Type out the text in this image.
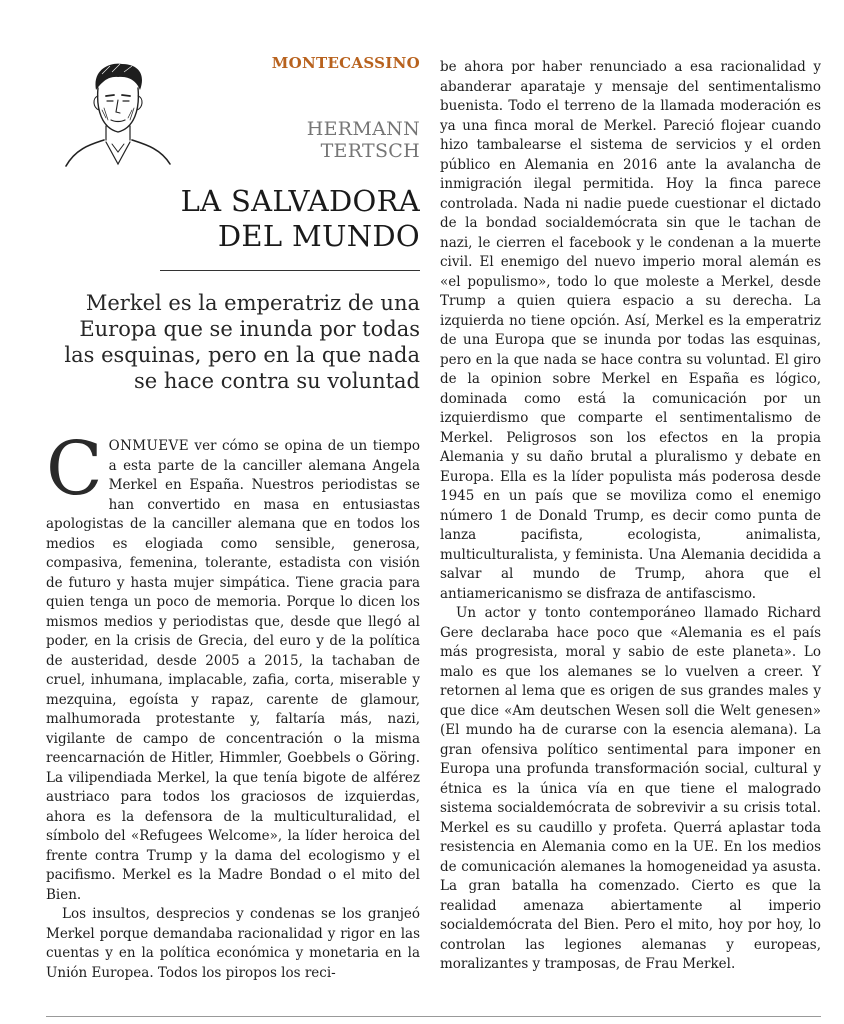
MONTECASSINO
HERMANN
TERTSCH
LA SALVADORA
DEL MUNDO
Merkel es la emperatriz de una Europa que se inunda por todas las esquinas, pero en la que nada se hace contra su voluntad

CONMUEVE ver cómo se opina de un tiempo a esta parte de la canciller alemana Angela Merkel en España. Nuestros periodistas se han convertido en masa en entusiastas apologistas de la canciller alemana que en todos los medios es elogiada como sensible, generosa, compasiva, femenina, tolerante, estadista con visión de futuro y hasta mujer simpática. Tiene gracia para quien tenga un poco de memoria. Porque lo dicen los mismos medios y periodistas que, desde que llegó al poder, en la crisis de Grecia, del euro y de la política de austeridad, desde 2005 a 2015, la tachaban de cruel, inhumana, implacable, zafia, corta, miserable y mezquina, egoísta y rapaz, carente de glamour, malhumorada protestante y, faltaría más, nazi, vigilante de campo de concentración o la misma reencarnación de Hitler, Himmler, Goebbels o Göring. La vilipendiada Merkel, la que tenía bigote de alférez austriaco para todos los graciosos de izquierdas, ahora es la defensora de la multiculturalidad, el símbolo del «Refugees Welcome», la líder heroica del frente contra Trump y la dama del ecologismo y el pacifismo. Merkel es la Madre Bondad o el mito del Bien.

Los insultos, desprecios y condenas se los granjeó Merkel porque demandaba racionalidad y rigor en las cuentas y en la política económica y monetaria en la Unión Europea. Todos los piropos los reci-

be ahora por haber renunciado a esa racionalidad y abanderar aparataje y mensaje del sentimentalismo buenista. Todo el terreno de la llamada moderación es ya una finca moral de Merkel. Pareció flojear cuando hizo tambalearse el sistema de servicios y el orden público en Alemania en 2016 ante la avalancha de inmigración ilegal permitida. Hoy la finca parece controlada. Nada ni nadie puede cuestionar el dictado de la bondad socialdemócrata sin que le tachan de nazi, le cierren el facebook y le condenan a la muerte civil. El enemigo del nuevo imperio moral alemán es «el populismo», todo lo que moleste a Merkel, desde Trump a quien quiera espacio a su derecha. La izquierda no tiene opción. Así, Merkel es la emperatriz de una Europa que se inunda por todas las esquinas, pero en la que nada se hace contra su voluntad. El giro de la opinion sobre Merkel en España es lógico, dominada como está la comunicación por un izquierdismo que comparte el sentimentalismo de Merkel. Peligrosos son los efectos en la propia Alemania y su daño brutal a pluralismo y debate en Europa. Ella es la líder populista más poderosa desde 1945 en un país que se moviliza como el enemigo número 1 de Donald Trump, es decir como punta de lanza pacifista, ecologista, animalista, multiculturalista, y feminista. Una Alemania decidida a salvar al mundo de Trump, ahora que el antiamericanismo se disfraza de antifascismo.

Un actor y tonto contemporáneo llamado Richard Gere declaraba hace poco que «Alemania es el país más progresista, moral y sabio de este planeta». Lo malo es que los alemanes se lo vuelven a creer. Y retornen al lema que es origen de sus grandes males y que dice «Am deutschen Wesen soll die Welt genesen» (El mundo ha de curarse con la esencia alemana). La gran ofensiva político sentimental para imponer en Europa una profunda transformación social, cultural y étnica es la única vía en que tiene el malogrado sistema socialdemócrata de sobrevivir a su crisis total. Merkel es su caudillo y profeta. Querrá aplastar toda resistencia en Alemania como en la UE. En los medios de comunicación alemanes la homogeneidad ya asusta. La gran batalla ha comenzado. Cierto es que la realidad amenaza abiertamente al imperio socialdemócrata del Bien. Pero el mito, hoy por hoy, lo controlan las legiones alemanas y europeas, moralizantes y tramposas, de Frau Merkel.
